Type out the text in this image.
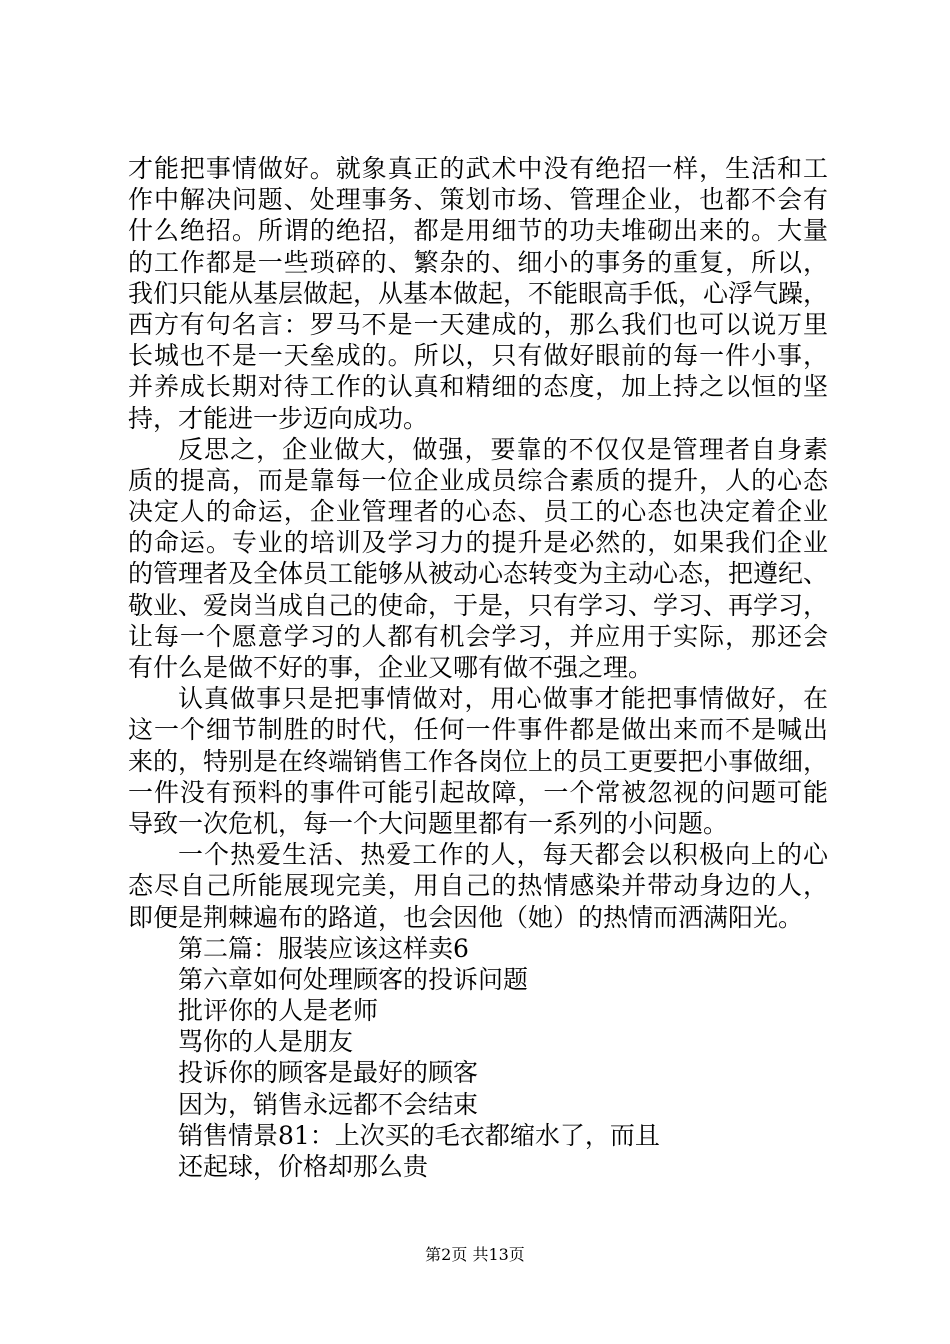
才能把事情做好。就象真正的武术中没有绝招一样，生活和工
作中解决问题、处理事务、策划市场、管理企业，也都不会有
什么绝招。所谓的绝招，都是用细节的功夫堆砌出来的。大量
的工作都是一些琐碎的、繁杂的、细小的事务的重复，所以，
我们只能从基层做起，从基本做起，不能眼高手低，心浮气躁，
西方有句名言：罗马不是一天建成的，那么我们也可以说万里
长城也不是一天垒成的。所以，只有做好眼前的每一件小事，
并养成长期对待工作的认真和精细的态度，加上持之以恒的坚
持，才能进一步迈向成功。
反思之，企业做大，做强，要靠的不仅仅是管理者自身素
质的提高，而是靠每一位企业成员综合素质的提升，人的心态
决定人的命运，企业管理者的心态、员工的心态也决定着企业
的命运。专业的培训及学习力的提升是必然的，如果我们企业
的管理者及全体员工能够从被动心态转变为主动心态，把遵纪、
敬业、爱岗当成自己的使命，于是，只有学习、学习、再学习，
让每一个愿意学习的人都有机会学习，并应用于实际，那还会
有什么是做不好的事，企业又哪有做不强之理。
认真做事只是把事情做对，用心做事才能把事情做好，在
这一个细节制胜的时代，任何一件事件都是做出来而不是喊出
来的，特别是在终端销售工作各岗位上的员工更要把小事做细，
一件没有预料的事件可能引起故障，一个常被忽视的问题可能
导致一次危机，每一个大问题里都有一系列的小问题。
一个热爱生活、热爱工作的人，每天都会以积极向上的心
态尽自己所能展现完美，用自己的热情感染并带动身边的人，
即便是荆棘遍布的路道，也会因他（她）的热情而洒满阳光。
第二篇：服装应该这样卖6
第六章如何处理顾客的投诉问题
批评你的人是老师
骂你的人是朋友
投诉你的顾客是最好的顾客
因为，销售永远都不会结束
销售情景81：上次买的毛衣都缩水了，而且
还起球，价格却那么贵
第2页 共13页
